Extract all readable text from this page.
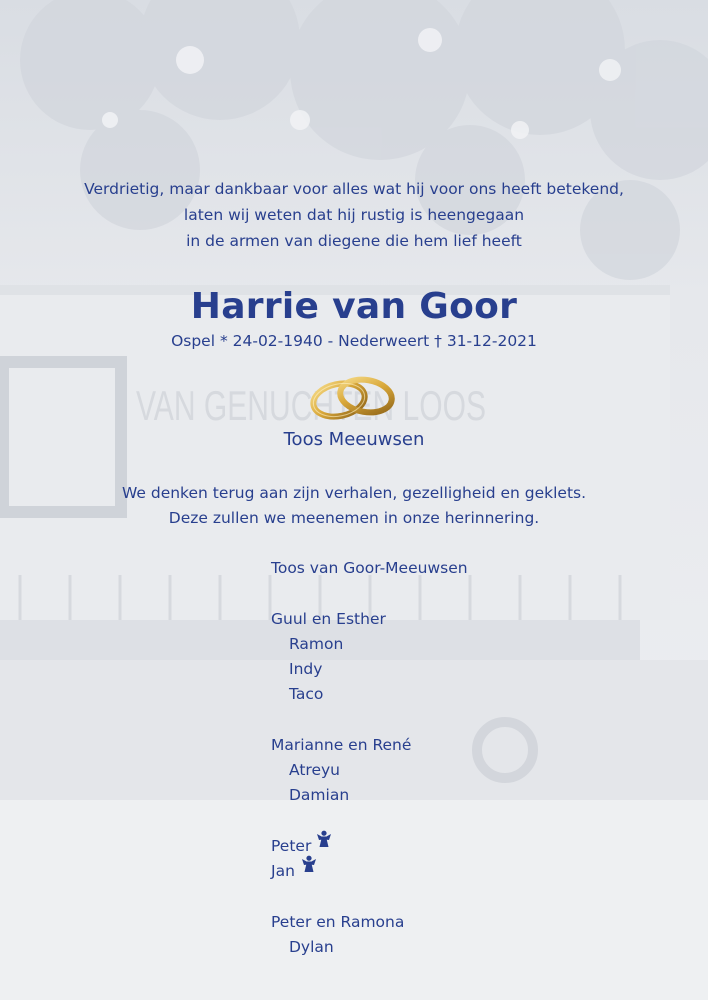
VAN GENUCHTEN LOOS

Verdrietig, maar dankbaar voor alles wat hij voor ons heeft betekend,

laten wij weten dat hij rustig is heengegaan

in de armen van diegene die hem lief heeft

Harrie van Goor

Ospel * 24-02-1940 - Nederweert † 31-12-2021

Toos Meeuwsen

We denken terug aan zijn verhalen, gezelligheid en geklets.

Deze zullen we meenemen in onze herinnering.

Toos van Goor-Meeuwsen

Guul en Esther

Ramon

Indy

Taco

Marianne en René

Atreyu

Damian

Peter

Jan

Peter en Ramona

Dylan
